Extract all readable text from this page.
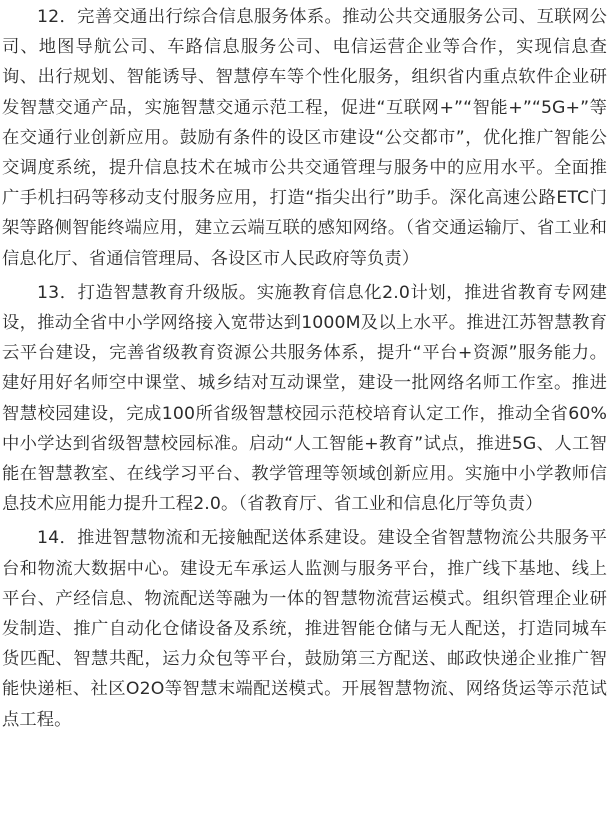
12．完善交通出行综合信息服务体系。推动公共交通服务公司、互联网公司、地图导航公司、车路信息服务公司、电信运营企业等合作，实现信息查询、出行规划、智能诱导、智慧停车等个性化服务，组织省内重点软件企业研发智慧交通产品，实施智慧交通示范工程，促进“互联网+”“智能+”“5G+”等在交通行业创新应用。鼓励有条件的设区市建设“公交都市”，优化推广智能公交调度系统，提升信息技术在城市公共交通管理与服务中的应用水平。全面推广手机扫码等移动支付服务应用，打造“指尖出行”助手。深化高速公路ETC门架等路侧智能终端应用，建立云端互联的感知网络。（省交通运输厅、省工业和信息化厅、省通信管理局、各设区市人民政府等负责）

13．打造智慧教育升级版。实施教育信息化2.0计划，推进省教育专网建设，推动全省中小学网络接入宽带达到1000M及以上水平。推进江苏智慧教育云平台建设，完善省级教育资源公共服务体系，提升“平台+资源”服务能力。建好用好名师空中课堂、城乡结对互动课堂，建设一批网络名师工作室。推进智慧校园建设，完成100所省级智慧校园示范校培育认定工作，推动全省60%中小学达到省级智慧校园标准。启动“人工智能+教育”试点，推进5G、人工智能在智慧教室、在线学习平台、教学管理等领域创新应用。实施中小学教师信息技术应用能力提升工程2.0。（省教育厅、省工业和信息化厅等负责）

14．推进智慧物流和无接触配送体系建设。建设全省智慧物流公共服务平台和物流大数据中心。建设无车承运人监测与服务平台，推广线下基地、线上平台、产经信息、物流配送等融为一体的智慧物流营运模式。组织管理企业研发制造、推广自动化仓储设备及系统，推进智能仓储与无人配送，打造同城车货匹配、智慧共配，运力众包等平台，鼓励第三方配送、邮政快递企业推广智能快递柜、社区O2O等智慧末端配送模式。开展智慧物流、网络货运等示范试点工程。
